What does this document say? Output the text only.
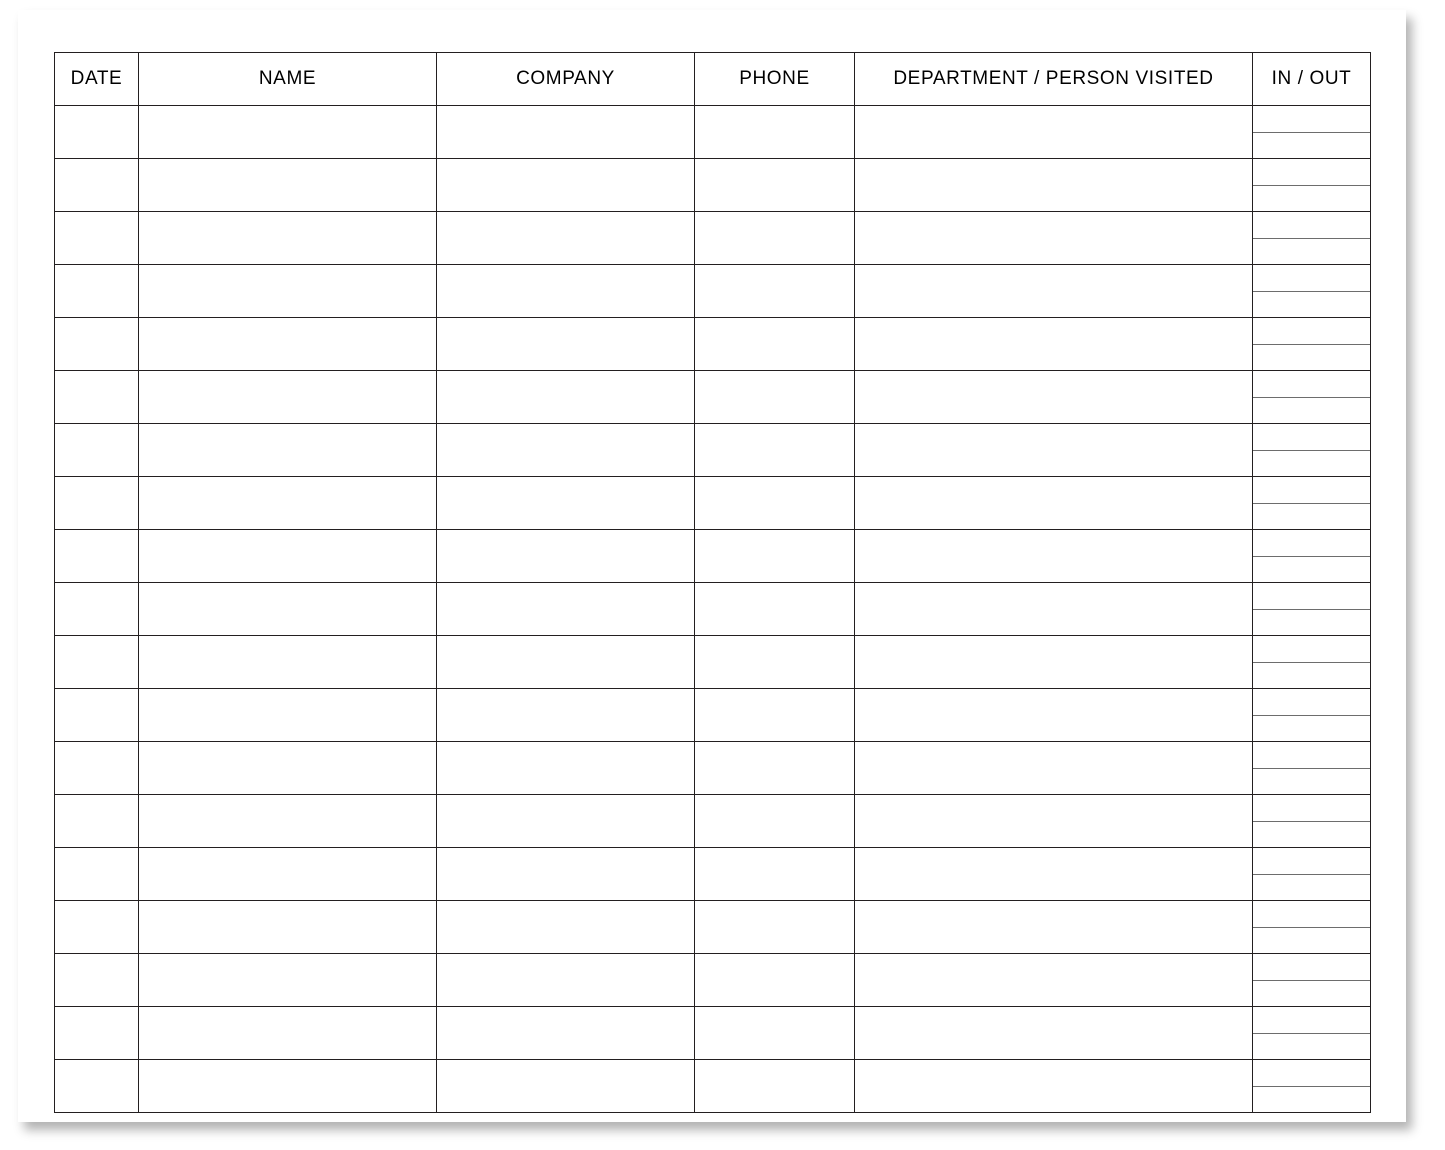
DATE	NAME	COMPANY	PHONE	DEPARTMENT / PERSON VISITED	IN / OUT
